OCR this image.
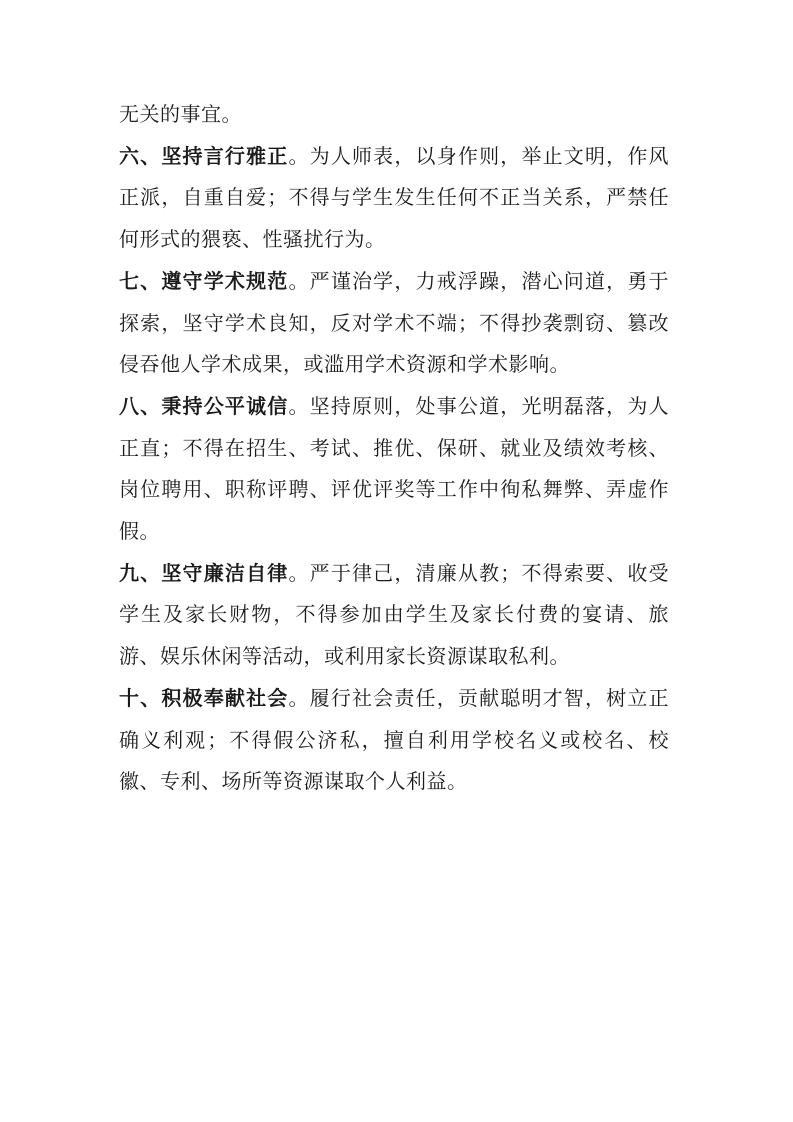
无关的事宜。

六、坚持言行雅正。为人师表，以身作则，举止文明，作风正派，自重自爱；不得与学生发生任何不正当关系，严禁任何形式的猥亵、性骚扰行为。

七、遵守学术规范。严谨治学，力戒浮躁，潜心问道，勇于探索，坚守学术良知，反对学术不端；不得抄袭剽窃、篡改侵吞他人学术成果，或滥用学术资源和学术影响。

八、秉持公平诚信。坚持原则，处事公道，光明磊落，为人正直；不得在招生、考试、推优、保研、就业及绩效考核、岗位聘用、职称评聘、评优评奖等工作中徇私舞弊、弄虚作假。

九、坚守廉洁自律。严于律己，清廉从教；不得索要、收受学生及家长财物，不得参加由学生及家长付费的宴请、旅游、娱乐休闲等活动，或利用家长资源谋取私利。

十、积极奉献社会。履行社会责任，贡献聪明才智，树立正确义利观；不得假公济私，擅自利用学校名义或校名、校徽、专利、场所等资源谋取个人利益。
